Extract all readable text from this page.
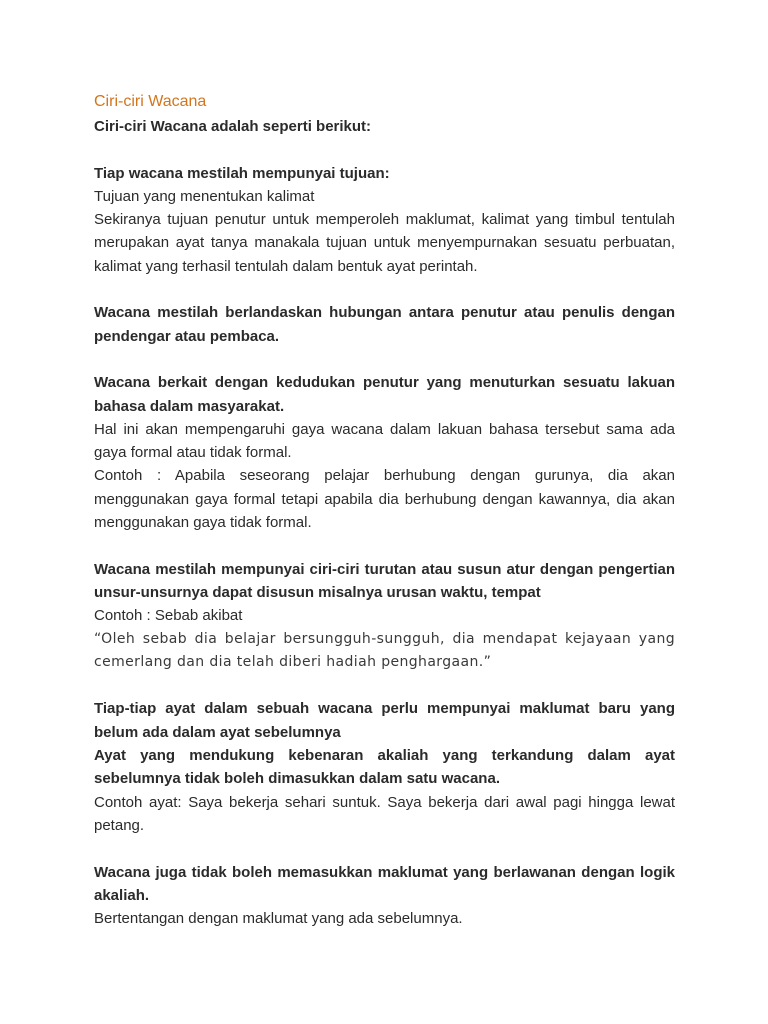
Ciri-ciri Wacana

Ciri-ciri Wacana adalah seperti berikut:

Tiap wacana mestilah mempunyai tujuan:

Tujuan yang menentukan kalimat

Sekiranya tujuan penutur untuk memperoleh maklumat, kalimat yang timbul tentulah merupakan ayat tanya manakala tujuan untuk menyempurnakan sesuatu perbuatan, kalimat yang terhasil tentulah dalam bentuk ayat perintah.

Wacana mestilah berlandaskan hubungan antara penutur atau penulis dengan pendengar atau pembaca.

Wacana berkait dengan kedudukan penutur yang menuturkan sesuatu lakuan bahasa dalam masyarakat.

Hal ini akan mempengaruhi gaya wacana dalam lakuan bahasa tersebut sama ada gaya formal atau tidak formal.

Contoh : Apabila seseorang pelajar berhubung dengan gurunya, dia akan menggunakan gaya formal tetapi apabila dia berhubung dengan kawannya, dia akan menggunakan gaya tidak formal.

Wacana mestilah mempunyai ciri-ciri turutan atau susun atur dengan pengertian unsur-unsurnya dapat disusun misalnya urusan waktu, tempat

Contoh : Sebab akibat

“Oleh sebab dia belajar bersungguh-sungguh, dia mendapat kejayaan yang cemerlang dan dia telah diberi hadiah penghargaan.”

Tiap-tiap ayat dalam sebuah wacana perlu mempunyai maklumat baru yang belum ada dalam ayat sebelumnya

Ayat yang mendukung kebenaran akaliah yang terkandung dalam ayat sebelumnya tidak boleh dimasukkan dalam satu wacana.

Contoh ayat: Saya bekerja sehari suntuk. Saya bekerja dari awal pagi hingga lewat petang.

Wacana juga tidak boleh memasukkan maklumat yang berlawanan dengan logik akaliah.

Bertentangan dengan maklumat yang ada sebelumnya.
